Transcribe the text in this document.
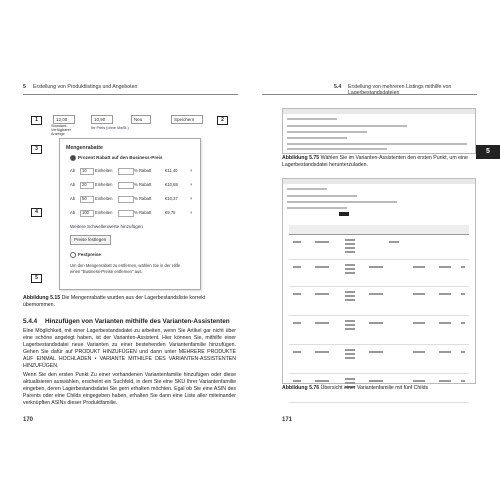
5 Erstellung von Produktlistings und Angeboten
1	12,00	10,90	Neu	Speichern	2
Standard-Verfügbarer Anzeige
Ihr Preis (ohne MwSt.)
3
4
5
Mengenrabatte
Prozent Rabatt auf den Business-Preis
Ab 10 Einheiten	% Rabatt	€11,40	×
Ab 20 Einheiten	% Rabatt	€10,88	×
Ab 50 Einheiten	% Rabatt	€10,37	×
Ab 100 Einheiten	% Rabatt	€9,75	×
Weitere Schwellenwerte hinzufügen
Preise festlegen
Festpreise
Um den Mengenrabatt zu entfernen, wählen Sie in der Hilfe einen "Business-Preise entfernen" aus.
Abbildung 5.15 Die Mengenrabatte wurden aus der Lagerbestandsliste korrekt übernommen.
5.4.4 Hinzufügen von Varianten mithilfe des Varianten-Assistenten

Eine Möglichkeit, mit einer Lagerbestandsdatei zu arbeiten, wenn Sie Artikel gar nicht über eine schöne angelegt haben, ist der Varianten-Assistent. Hier können Sie, mithilfe einer Lagerbestandsdatei neue Varianten zu einer bestehenden Variantenfamilie hinzufügen. Gehen Sie dafür auf PRODUKT HINZUFÜGEN und dann unter MEHRERE PRODUKTE AUF EINMAL HOCHLADEN • VARIANTE MITHILFE DES VARIANTEN-ASSISTENTEN HINZUFÜGEN.

Wenn Sie den ersten Punkt Zu einer vorhandenen Variantenfamilie hinzufügen oder diese aktualisieren auswählen, erscheint ein Suchfeld, in dem Sie eine SKU Ihrer Variantenfamilie eingeben, deren Lagerbestandsdatei Sie gern erhalten möchten. Egal ob Sie eine ASIN des Parents oder eine Childs eingegeben haben, erhalten Sie dann eine Liste aller miteinander verknüpften ASINs dieser Produktfamilie.

170
5.4 Erstellung von mehreren Listings mithilfe von Lagerbestandsdateien
Abbildung 5.75 Wählen Sie im Varianten-Assistenten den ersten Punkt, um eine Lagerbestandsdatei herunterzuladen.
Abbildung 5.76 Übersicht einer Variantenfamilie mit fünf Childs
171
5
